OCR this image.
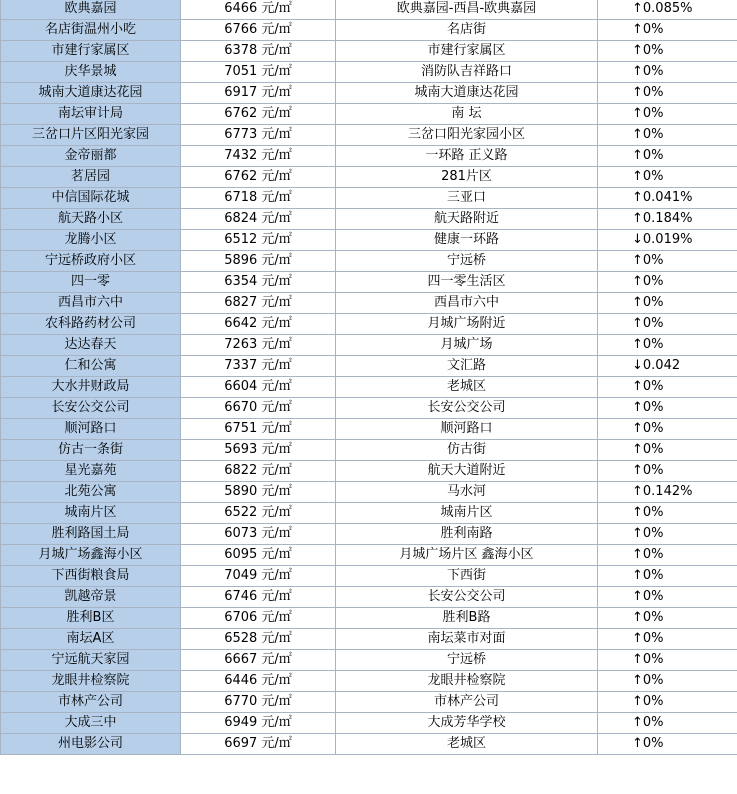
欧典嘉园	6466 元/㎡	欧典嘉园-西昌-欧典嘉园	↑0.085%
名店街温州小吃	6766 元/㎡	名店街	↑0%
市建行家属区	6378 元/㎡	市建行家属区	↑0%
庆华景城	7051 元/㎡	消防队吉祥路口	↑0%
城南大道康达花园	6917 元/㎡	城南大道康达花园	↑0%
南坛审计局	6762 元/㎡	南 坛	↑0%
三岔口片区阳光家园	6773 元/㎡	三岔口阳光家园小区	↑0%
金帝丽都	7432 元/㎡	一环路 正义路	↑0%
茗居园	6762 元/㎡	281片区	↑0%
中信国际花城	6718 元/㎡	三亚口	↑0.041%
航天路小区	6824 元/㎡	航天路附近	↑0.184%
龙腾小区	6512 元/㎡	健康一环路	↓0.019%
宁远桥政府小区	5896 元/㎡	宁远桥	↑0%
四一零	6354 元/㎡	四一零生活区	↑0%
西昌市六中	6827 元/㎡	西昌市六中	↑0%
农科路药材公司	6642 元/㎡	月城广场附近	↑0%
达达春天	7263 元/㎡	月城广场	↑0%
仁和公寓	7337 元/㎡	文汇路	↓0.042
大水井财政局	6604 元/㎡	老城区	↑0%
长安公交公司	6670 元/㎡	长安公交公司	↑0%
顺河路口	6751 元/㎡	顺河路口	↑0%
仿古一条街	5693 元/㎡	仿古街	↑0%
星光嘉苑	6822 元/㎡	航天大道附近	↑0%
北苑公寓	5890 元/㎡	马水河	↑0.142%
城南片区	6522 元/㎡	城南片区	↑0%
胜利路国土局	6073 元/㎡	胜利南路	↑0%
月城广场鑫海小区	6095 元/㎡	月城广场片区 鑫海小区	↑0%
下西街粮食局	7049 元/㎡	下西街	↑0%
凯越帝景	6746 元/㎡	长安公交公司	↑0%
胜利B区	6706 元/㎡	胜利B路	↑0%
南坛A区	6528 元/㎡	南坛菜市对面	↑0%
宁远航天家园	6667 元/㎡	宁远桥	↑0%
龙眼井检察院	6446 元/㎡	龙眼井检察院	↑0%
市林产公司	6770 元/㎡	市林产公司	↑0%
大成三中	6949 元/㎡	大成芳华学校	↑0%
州电影公司	6697 元/㎡	老城区	↑0%
